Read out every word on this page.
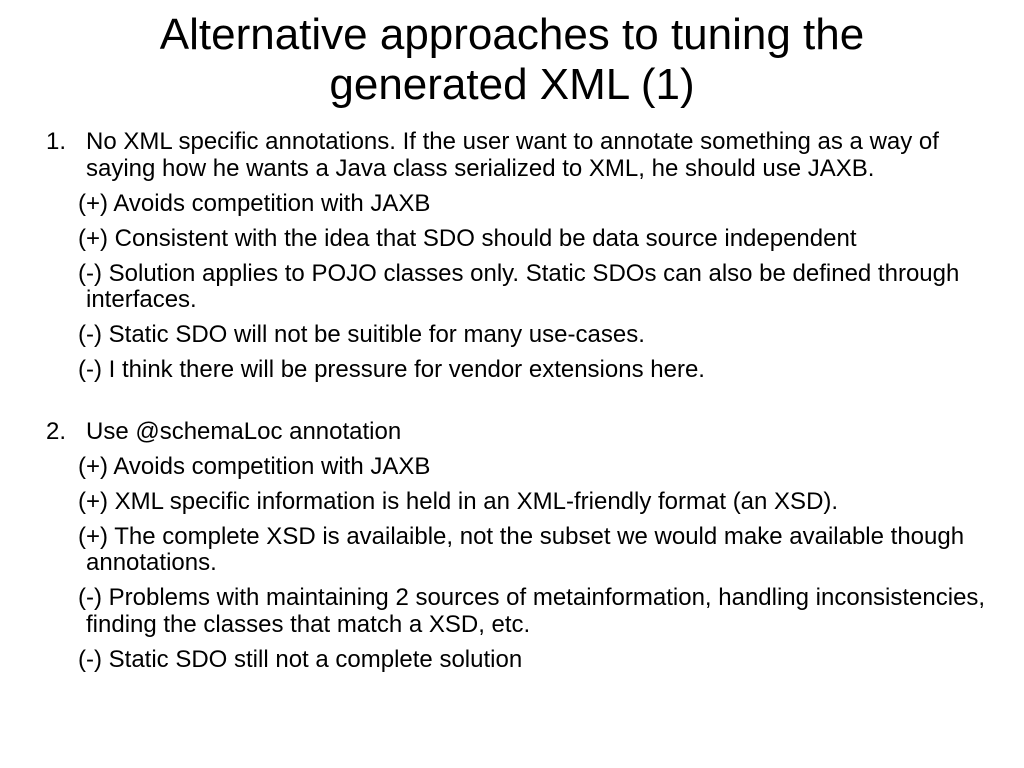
Alternative approaches to tuning the
generated XML (1)
1. No XML specific annotations. If the user want to annotate something as a way of saying how he wants a Java class serialized to XML, he should use JAXB.

(+) Avoids competition with JAXB

(+) Consistent with the idea that SDO should be data source independent

(-) Solution applies to POJO classes only. Static SDOs can also be defined through interfaces.

(-) Static SDO will not be suitible for many use-cases.

(-) I think there will be pressure for vendor extensions here.

2. Use @schemaLoc annotation

(+) Avoids competition with JAXB

(+) XML specific information is held in an XML-friendly format (an XSD).

(+) The complete XSD is availaible, not the subset we would make available though annotations.

(-) Problems with maintaining 2 sources of metainformation, handling inconsistencies, finding the classes that match a XSD, etc.

(-) Static SDO still not a complete solution
